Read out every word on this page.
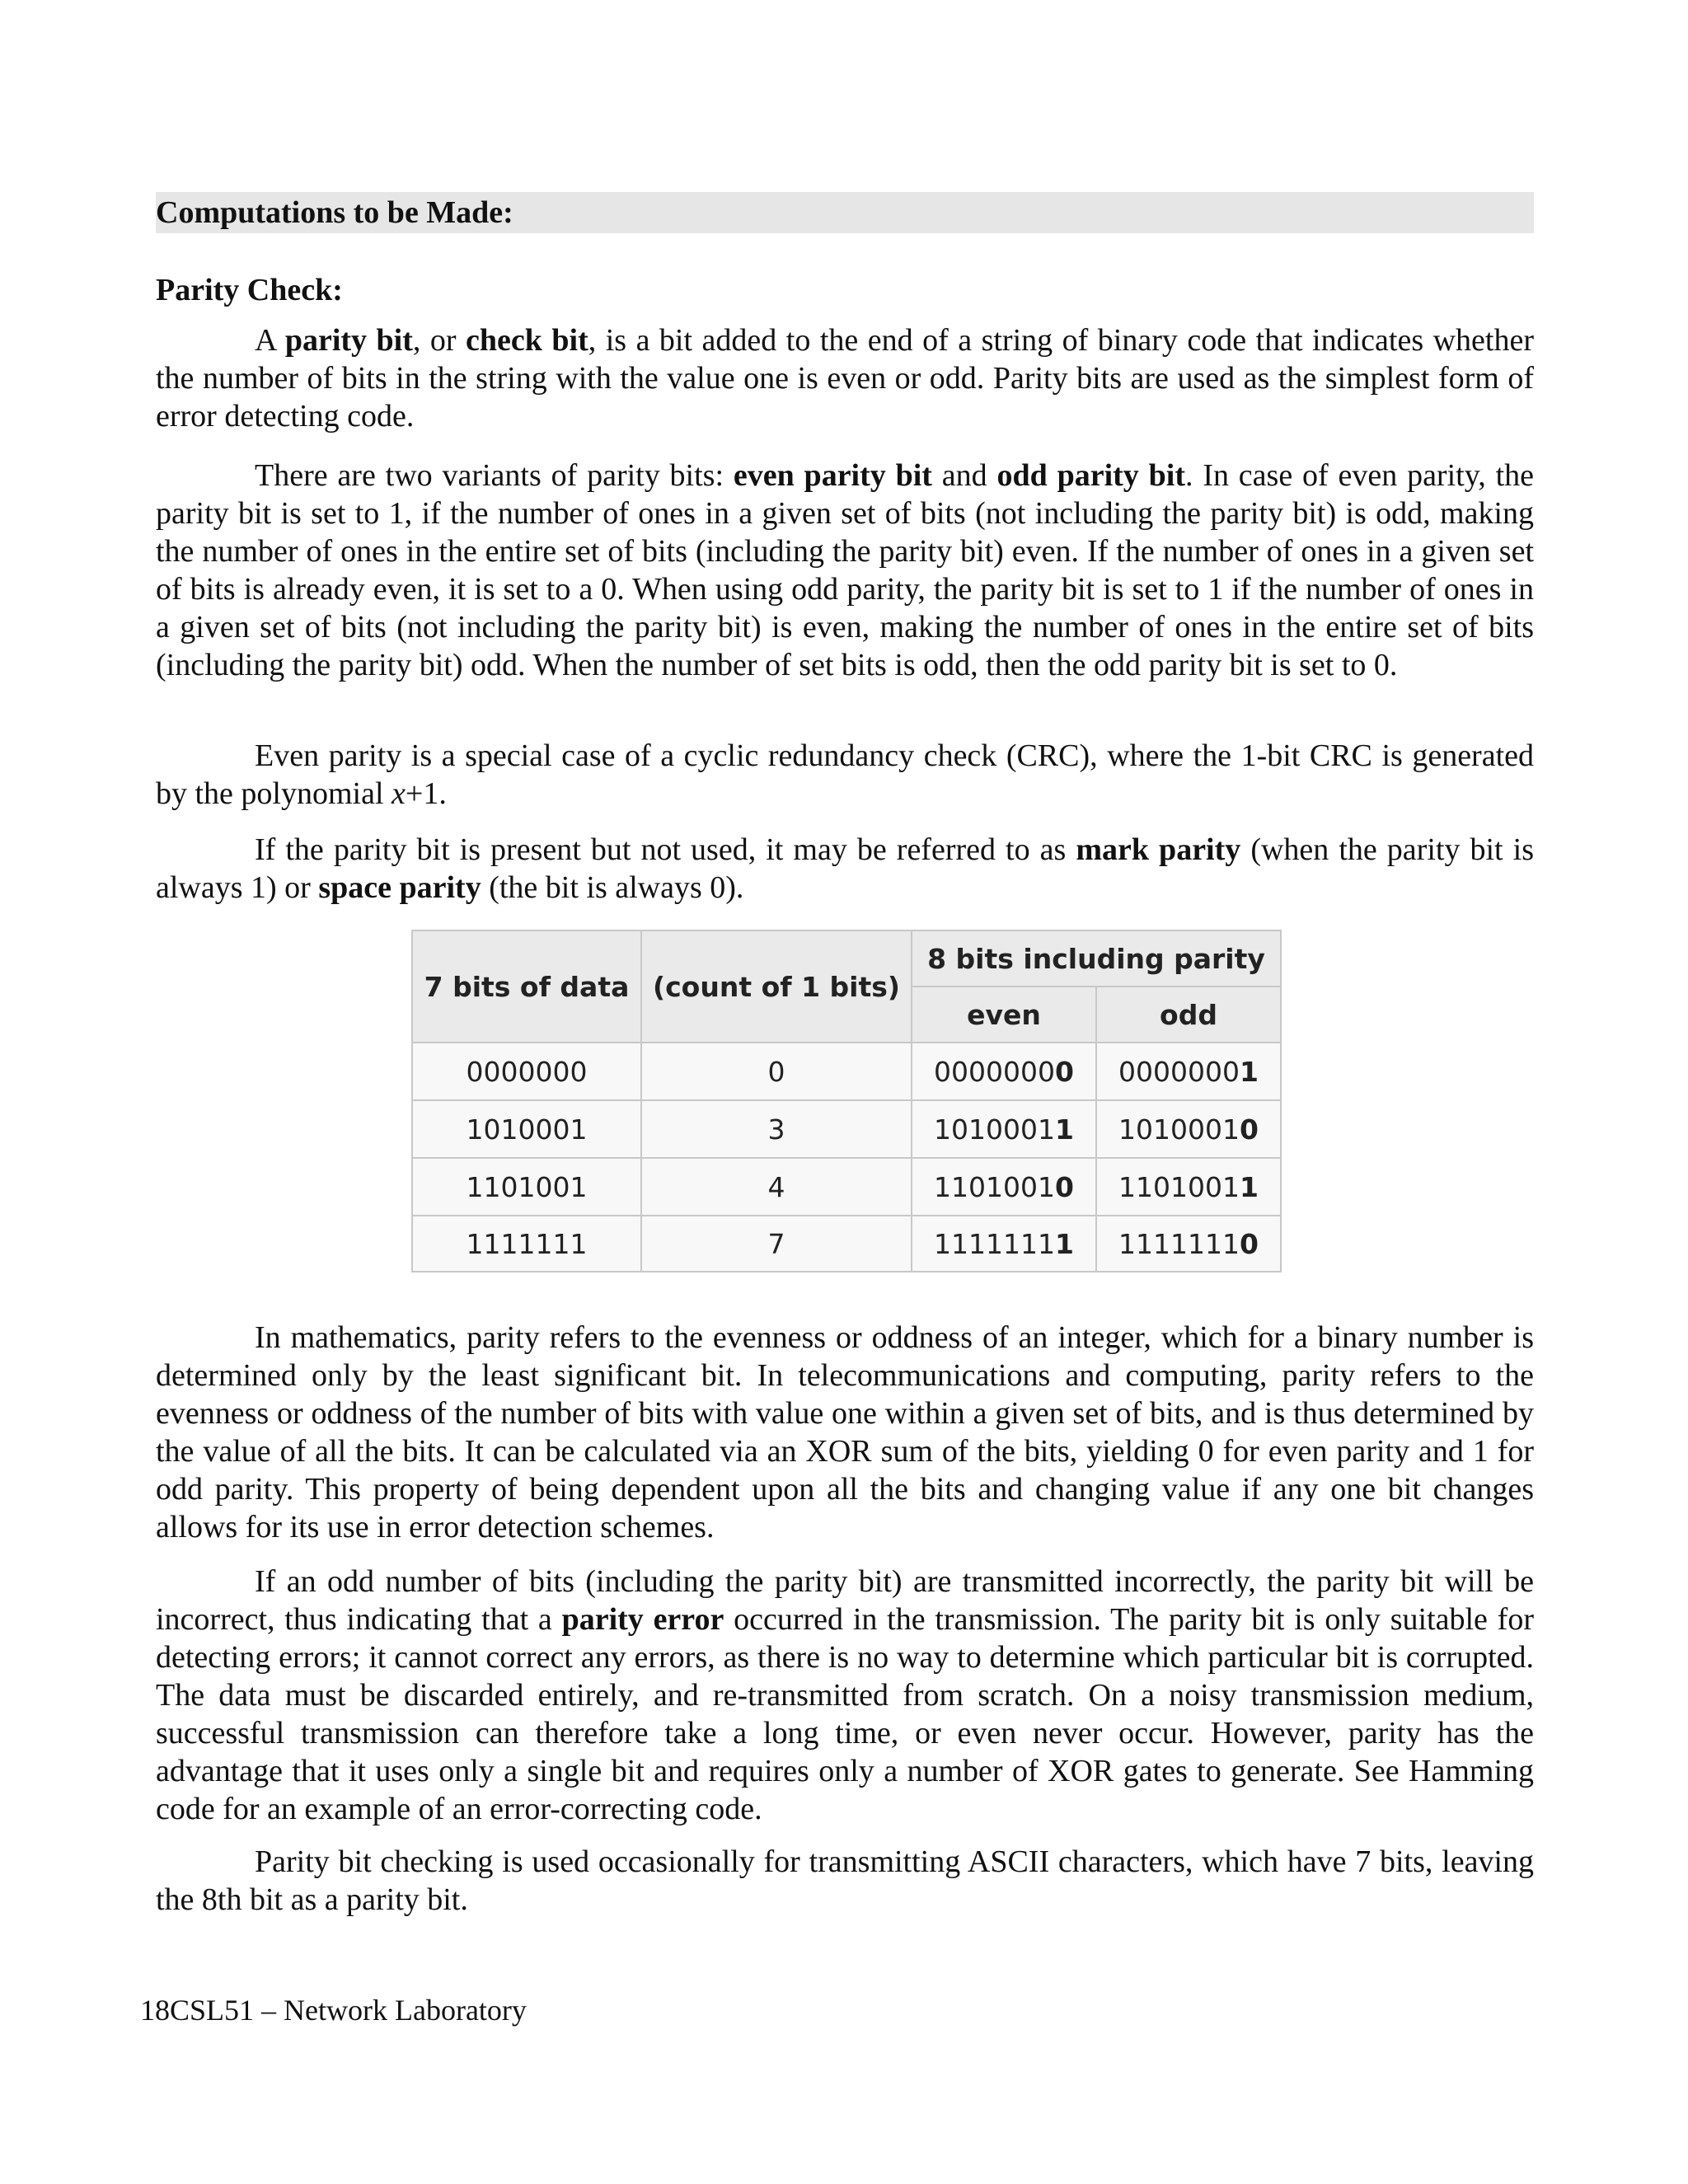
Computations to be Made:
Parity Check:

A parity bit, or check bit, is a bit added to the end of a string of binary code that indicates whether the number of bits in the string with the value one is even or odd. Parity bits are used as the simplest form of error detecting code.

There are two variants of parity bits: even parity bit and odd parity bit. In case of even parity, the parity bit is set to 1, if the number of ones in a given set of bits (not including the parity bit) is odd, making the number of ones in the entire set of bits (including the parity bit) even. If the number of ones in a given set of bits is already even, it is set to a 0. When using odd parity, the parity bit is set to 1 if the number of ones in a given set of bits (not including the parity bit) is even, making the number of ones in the entire set of bits (including the parity bit) odd. When the number of set bits is odd, then the odd parity bit is set to 0.

Even parity is a special case of a cyclic redundancy check (CRC), where the 1-bit CRC is generated by the polynomial x+1.

If the parity bit is present but not used, it may be referred to as mark parity (when the parity bit is always 1) or space parity (the bit is always 0).

7 bits of data	(count of 1 bits)	8 bits including parity	
		even	odd
0000000	0	00000000	00000001
1010001	3	10100011	10100010
1101001	4	11010010	11010011
1111111	7	11111111	11111110

In mathematics, parity refers to the evenness or oddness of an integer, which for a binary number is determined only by the least significant bit. In telecommunications and computing, parity refers to the evenness or oddness of the number of bits with value one within a given set of bits, and is thus determined by the value of all the bits. It can be calculated via an XOR sum of the bits, yielding 0 for even parity and 1 for odd parity. This property of being dependent upon all the bits and changing value if any one bit changes allows for its use in error detection schemes.

If an odd number of bits (including the parity bit) are transmitted incorrectly, the parity bit will be incorrect, thus indicating that a parity error occurred in the transmission. The parity bit is only suitable for detecting errors; it cannot correct any errors, as there is no way to determine which particular bit is corrupted. The data must be discarded entirely, and re-transmitted from scratch. On a noisy transmission medium, successful transmission can therefore take a long time, or even never occur. However, parity has the advantage that it uses only a single bit and requires only a number of XOR gates to generate. See Hamming code for an example of an error-correcting code.

Parity bit checking is used occasionally for transmitting ASCII characters, which have 7 bits, leaving the 8th bit as a parity bit.

18CSL51 – Network Laboratory
